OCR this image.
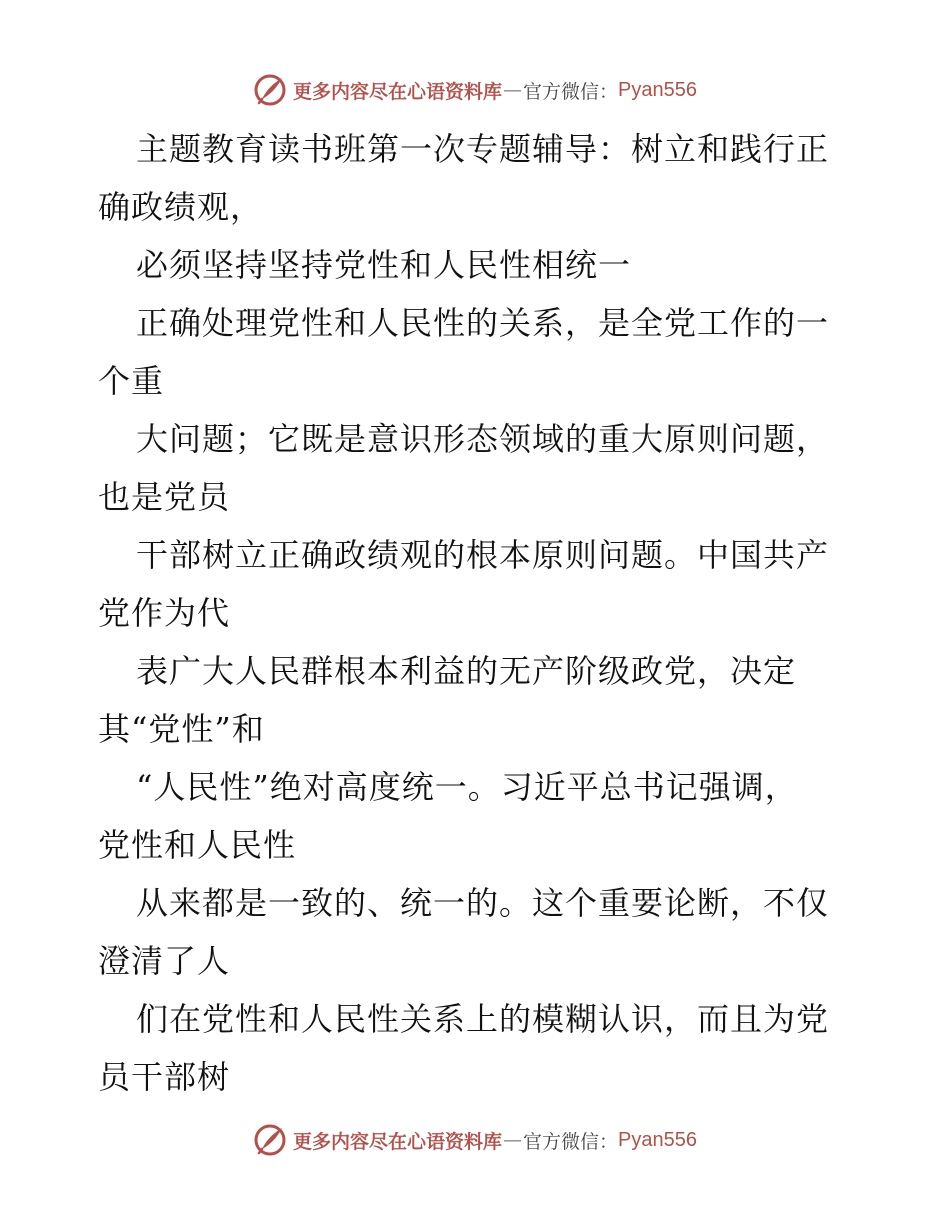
更多内容尽在心语资料库 — 官方微信： Pyan556
主题教育读书班第一次专题辅导：树立和践行正
确政绩观，
必须坚持坚持党性和人民性相统一
正确处理党性和人民性的关系，是全党工作的一
个重
大问题；它既是意识形态领域的重大原则问题，
也是党员
干部树立正确政绩观的根本原则问题。中国共产
党作为代
表广大人民群根本利益的无产阶级政党，决定
其“党性”和
“人民性”绝对高度统一。习近平总书记强调，
党性和人民性
从来都是一致的、统一的。这个重要论断，不仅
澄清了人
们在党性和人民性关系上的模糊认识，而且为党
员干部树
更多内容尽在心语资料库 — 官方微信： Pyan556
